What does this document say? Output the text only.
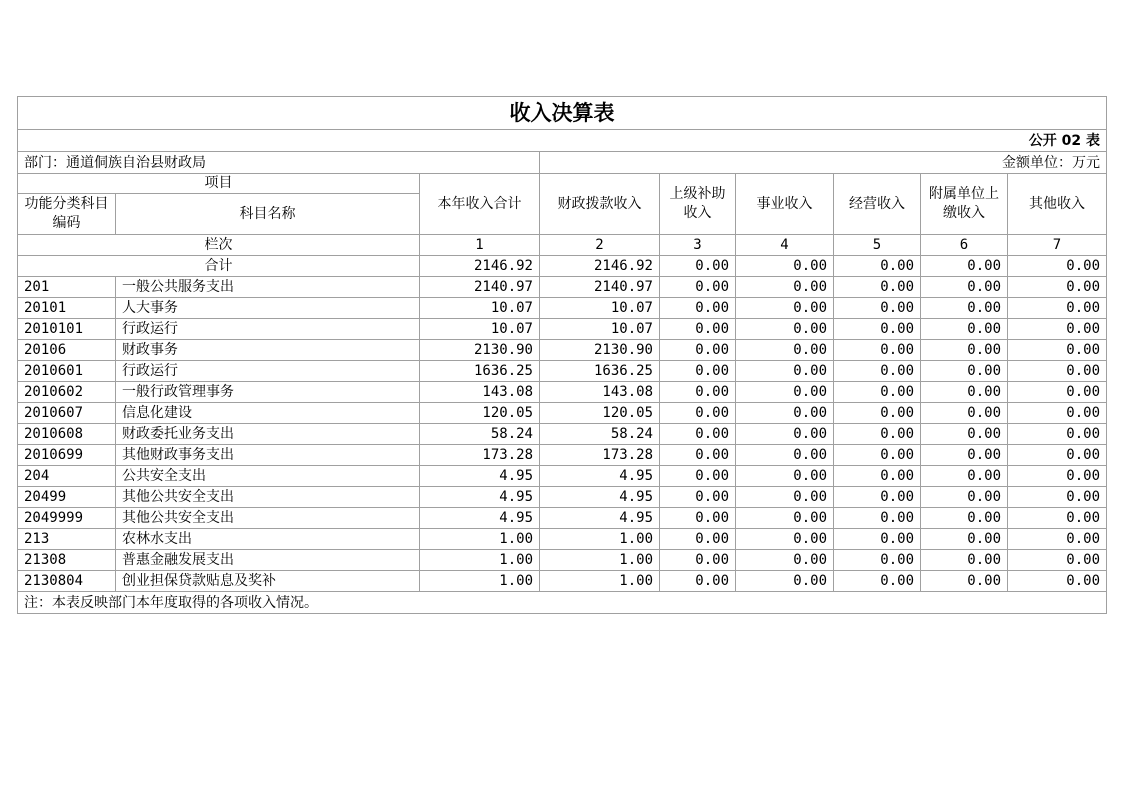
收入决算表								
公开 02 表								
部门：通道侗族自治县财政局			金额单位：万元					
项目		本年收入合计	财政拨款收入	上级补助收入	事业收入	经营收入	附属单位上缴收入	其他收入
功能分类科目编码	科目名称							
栏次		1	2	3	4	5	6	7
合计		2146.92	2146.92	0.00	0.00	0.00	0.00	0.00
201	一般公共服务支出	2140.97	2140.97	0.00	0.00	0.00	0.00	0.00
20101	人大事务	10.07	10.07	0.00	0.00	0.00	0.00	0.00
2010101	行政运行	10.07	10.07	0.00	0.00	0.00	0.00	0.00
20106	财政事务	2130.90	2130.90	0.00	0.00	0.00	0.00	0.00
2010601	行政运行	1636.25	1636.25	0.00	0.00	0.00	0.00	0.00
2010602	一般行政管理事务	143.08	143.08	0.00	0.00	0.00	0.00	0.00
2010607	信息化建设	120.05	120.05	0.00	0.00	0.00	0.00	0.00
2010608	财政委托业务支出	58.24	58.24	0.00	0.00	0.00	0.00	0.00
2010699	其他财政事务支出	173.28	173.28	0.00	0.00	0.00	0.00	0.00
204	公共安全支出	4.95	4.95	0.00	0.00	0.00	0.00	0.00
20499	其他公共安全支出	4.95	4.95	0.00	0.00	0.00	0.00	0.00
2049999	其他公共安全支出	4.95	4.95	0.00	0.00	0.00	0.00	0.00
213	农林水支出	1.00	1.00	0.00	0.00	0.00	0.00	0.00
21308	普惠金融发展支出	1.00	1.00	0.00	0.00	0.00	0.00	0.00
2130804	创业担保贷款贴息及奖补	1.00	1.00	0.00	0.00	0.00	0.00	0.00
注：本表反映部门本年度取得的各项收入情况。								
